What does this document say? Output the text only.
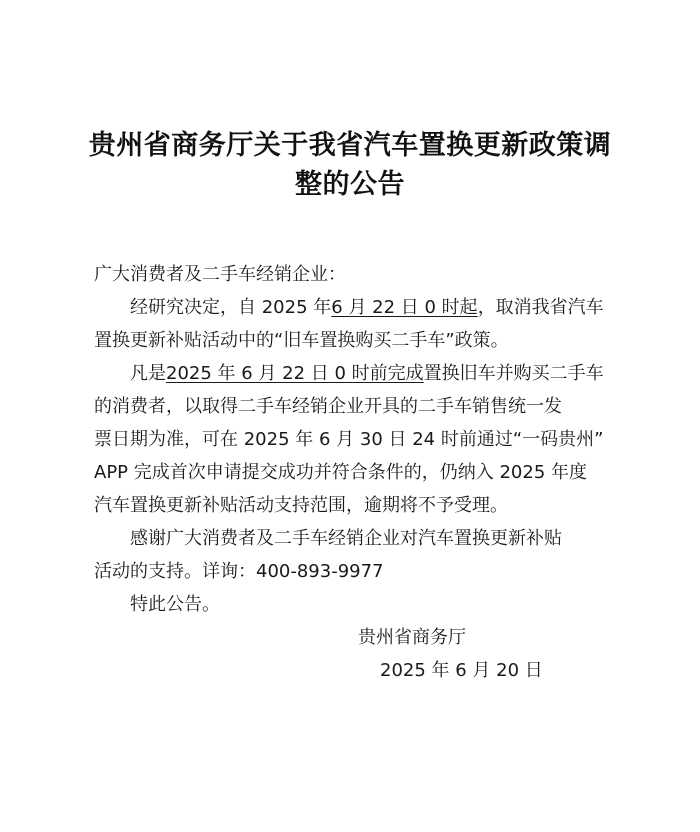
贵州省商务厅关于我省汽车置换更新政策调
整的公告
广大消费者及二手车经销企业：
经研究决定，自 2025 年6 月 22 日 0 时起，取消我省汽车
置换更新补贴活动中的“旧车置换购买二手车”政策。
凡是2025 年 6 月 22 日 0 时前完成置换旧车并购买二手车
的消费者，以取得二手车经销企业开具的二手车销售统一发
票日期为准，可在 2025 年 6 月 30 日 24 时前通过“一码贵州”
APP 完成首次申请提交成功并符合条件的，仍纳入 2025 年度
汽车置换更新补贴活动支持范围，逾期将不予受理。
感谢广大消费者及二手车经销企业对汽车置换更新补贴
活动的支持。详询：400-893-9977
特此公告。
贵州省商务厅
2025 年 6 月 20 日
